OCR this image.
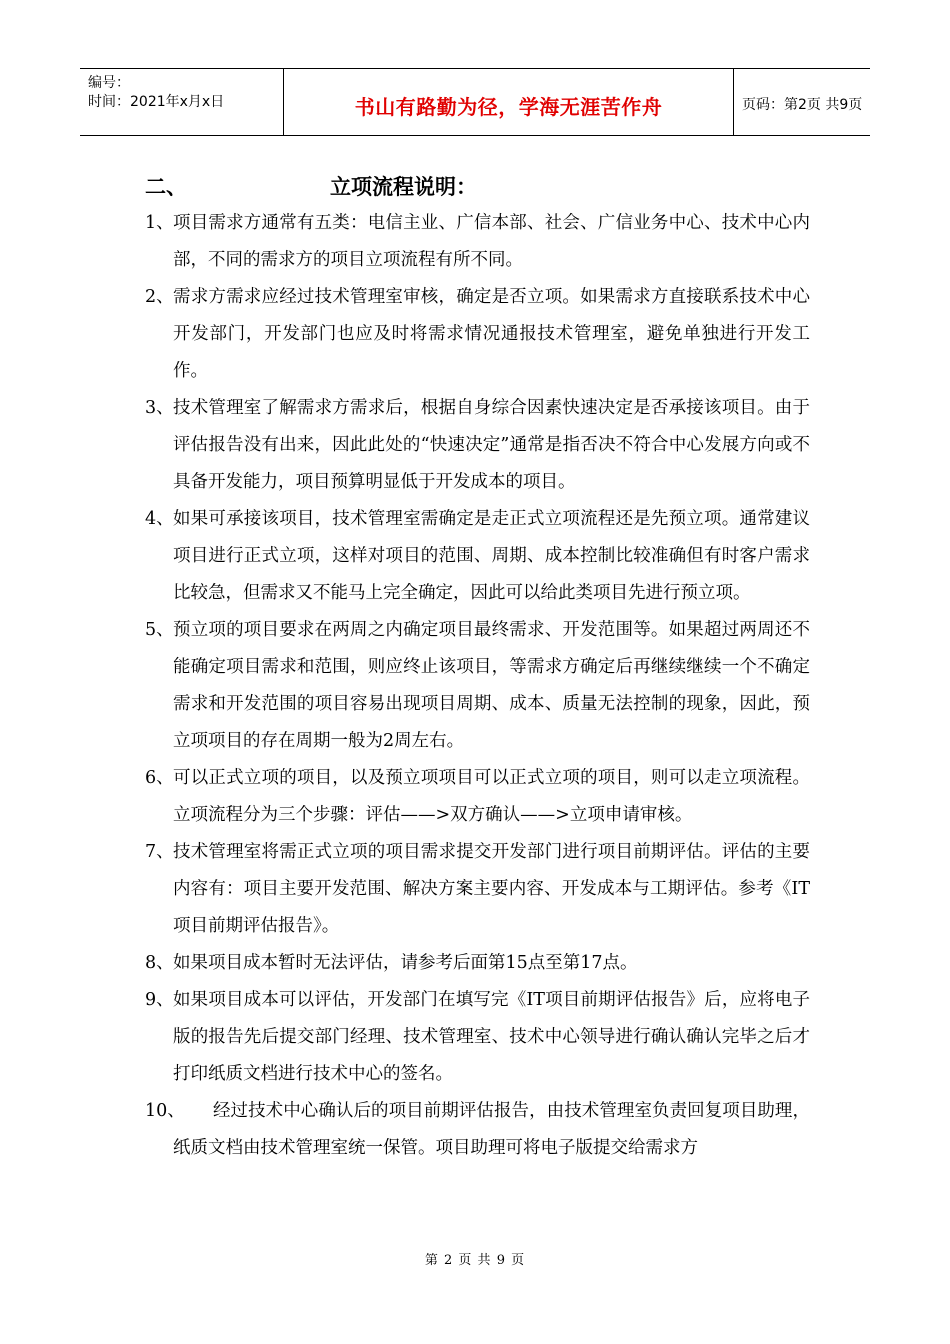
编号：
时间：2021年x月x日	书山有路勤为径，学海无涯苦作舟	页码：第2页 共9页
二、	立项流程说明：
1、 项目需求方通常有五类：电信主业、广信本部、社会、广信业务中心、技术中心内部，不同的需求方的项目立项流程有所不同。
2、 需求方需求应经过技术管理室审核，确定是否立项。如果需求方直接联系技术中心开发部门，开发部门也应及时将需求情况通报技术管理室，避免单独进行开发工作。
3、 技术管理室了解需求方需求后，根据自身综合因素快速决定是否承接该项目。由于评估报告没有出来，因此此处的“快速决定”通常是指否决不符合中心发展方向或不具备开发能力，项目预算明显低于开发成本的项目。
4、 如果可承接该项目，技术管理室需确定是走正式立项流程还是先预立项。通常建议项目进行正式立项，这样对项目的范围、周期、成本控制比较准确但有时客户需求比较急，但需求又不能马上完全确定，因此可以给此类项目先进行预立项。
5、 预立项的项目要求在两周之内确定项目最终需求、开发范围等。如果超过两周还不能确定项目需求和范围，则应终止该项目，等需求方确定后再继续继续一个不确定需求和开发范围的项目容易出现项目周期、成本、质量无法控制的现象，因此，预立项项目的存在周期一般为2周左右。
6、 可以正式立项的项目，以及预立项项目可以正式立项的项目，则可以走立项流程。立项流程分为三个步骤：评估——>双方确认——>立项申请审核。
7、 技术管理室将需正式立项的项目需求提交开发部门进行项目前期评估。评估的主要内容有：项目主要开发范围、解决方案主要内容、开发成本与工期评估。参考《IT项目前期评估报告》。
8、 如果项目成本暂时无法评估，请参考后面第15点至第17点。
9、 如果项目成本可以评估，开发部门在填写完《IT项目前期评估报告》后，应将电子版的报告先后提交部门经理、技术管理室、技术中心领导进行确认确认完毕之后才打印纸质文档进行技术中心的签名。
10、	经过技术中心确认后的项目前期评估报告，由技术管理室负责回复项目助理，纸质文档由技术管理室统一保管。项目助理可将电子版提交给需求方
第 2 页 共 9 页
